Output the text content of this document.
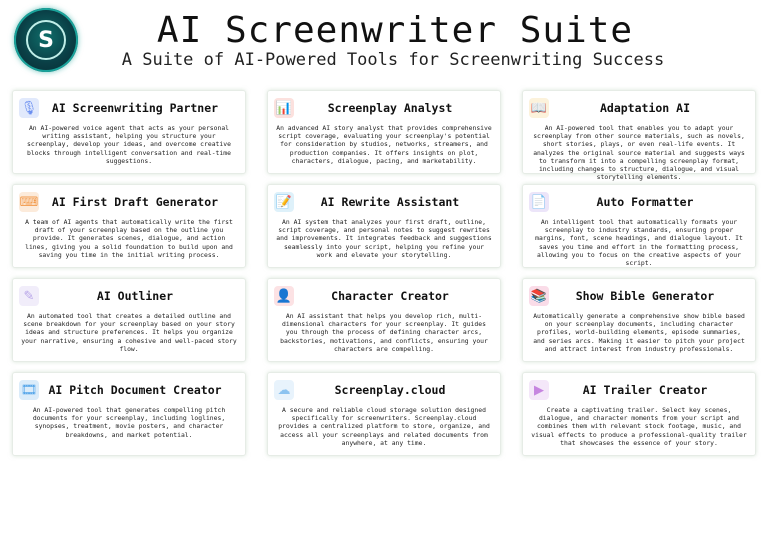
S	AI Screenwriter Suite
A Suite of AI-Powered Tools for Screenwriting Success
🎙	AI Screenwriting Partner
An AI-powered voice agent that acts as your personal writing assistant, helping you structure your screenplay, develop your ideas, and overcome creative blocks through intelligent conversation and real-time suggestions.
📊	Screenplay Analyst
An advanced AI story analyst that provides comprehensive script coverage, evaluating your screenplay's potential for consideration by studios, networks, streamers, and production companies. It offers insights on plot, characters, dialogue, pacing, and marketability.
📖	Adaptation AI
An AI-powered tool that enables you to adapt your screenplay from other source materials, such as novels, short stories, plays, or even real-life events. It analyzes the original source material and suggests ways to transform it into a compelling screenplay format, including changes to structure, dialogue, and visual storytelling elements.
⌨	AI First Draft Generator
A team of AI agents that automatically write the first draft of your screenplay based on the outline you provide. It generates scenes, dialogue, and action lines, giving you a solid foundation to build upon and saving you time in the initial writing process.
📝	AI Rewrite Assistant
An AI system that analyzes your first draft, outline, script coverage, and personal notes to suggest rewrites and improvements. It integrates feedback and suggestions seamlessly into your script, helping you refine your work and elevate your storytelling.
📄	Auto Formatter
An intelligent tool that automatically formats your screenplay to industry standards, ensuring proper margins, font, scene headings, and dialogue layout. It saves you time and effort in the formatting process, allowing you to focus on the creative aspects of your script.
✎	AI Outliner
An automated tool that creates a detailed outline and scene breakdown for your screenplay based on your story ideas and structure preferences. It helps you organize your narrative, ensuring a cohesive and well-paced story flow.
👤	Character Creator
An AI assistant that helps you develop rich, multi-dimensional characters for your screenplay. It guides you through the process of defining character arcs, backstories, motivations, and conflicts, ensuring your characters are compelling.
📚	Show Bible Generator
Automatically generate a comprehensive show bible based on your screenplay documents, including character profiles, world-building elements, episode summaries, and series arcs. Making it easier to pitch your project and attract interest from industry professionals.
🎞 AI Pitch Document Creator
An AI-powered tool that generates compelling pitch documents for your screenplay, including loglines, synopses, treatment, movie posters, and character breakdowns, and market potential.
☁	Screenplay.cloud
A secure and reliable cloud storage solution designed specifically for screenwriters. Screenplay.cloud provides a centralized platform to store, organize, and access all your screenplays and related documents from anywhere, at any time.
▶	AI Trailer Creator
Create a captivating trailer. Select key scenes, dialogue, and character moments from your script and combines them with relevant stock footage, music, and visual effects to produce a professional-quality trailer that showcases the essence of your story.
